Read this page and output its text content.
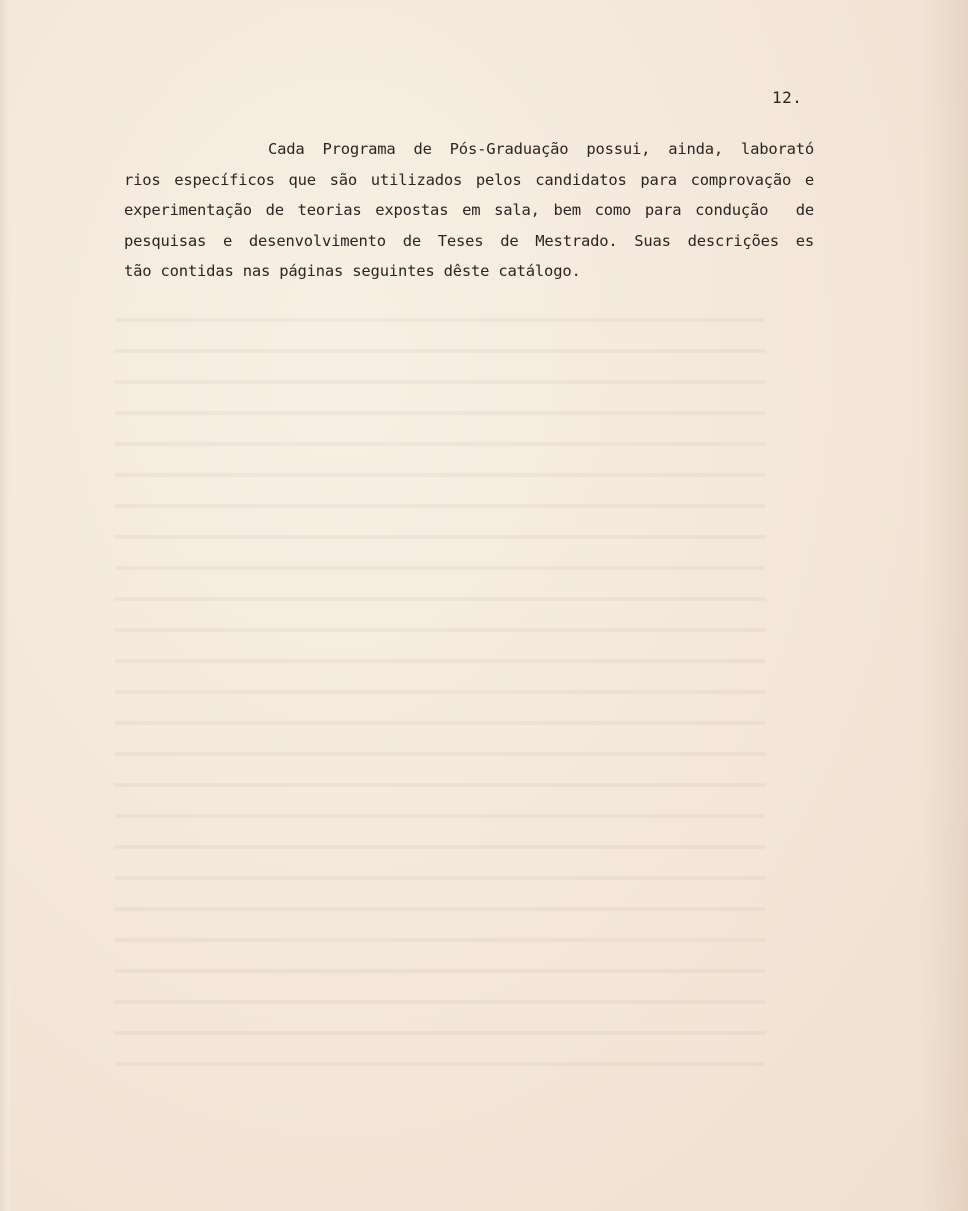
12.
Cada Programa de Pós-Graduação possui, ainda, laborató
rios específicos que são utilizados pelos candidatos para comprovação e
experimentação de teorias expostas em sala, bem como para condução  de
pesquisas e desenvolvimento de Teses de Mestrado. Suas descrições es
tão contidas nas páginas seguintes dêste catálogo.
